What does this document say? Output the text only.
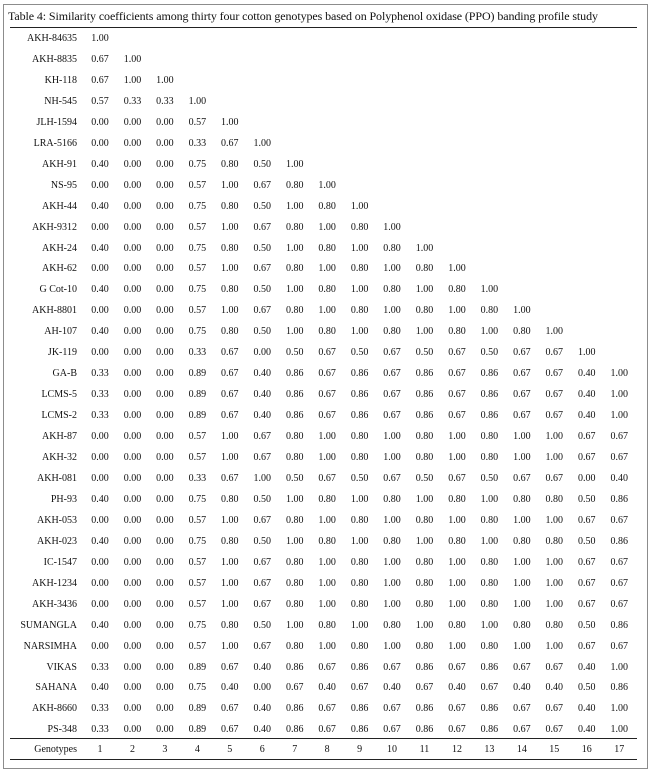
Table 4: Similarity coefficients among thirty four cotton genotypes based on Polyphenol oxidase (PPO) banding profile study
AKH-84635	1.00
AKH-8835	0.67	1.00
KH-118	0.67	1.00	1.00
NH-545	0.57	0.33	0.33	1.00
JLH-1594	0.00	0.00	0.00	0.57	1.00
LRA-5166	0.00	0.00	0.00	0.33	0.67	1.00
AKH-91	0.40	0.00	0.00	0.75	0.80	0.50	1.00
NS-95	0.00	0.00	0.00	0.57	1.00	0.67	0.80	1.00
AKH-44	0.40	0.00	0.00	0.75	0.80	0.50	1.00	0.80	1.00
AKH-9312	0.00	0.00	0.00	0.57	1.00	0.67	0.80	1.00	0.80	1.00
AKH-24	0.40	0.00	0.00	0.75	0.80	0.50	1.00	0.80	1.00	0.80	1.00
AKH-62	0.00	0.00	0.00	0.57	1.00	0.67	0.80	1.00	0.80	1.00	0.80	1.00
G Cot-10	0.40	0.00	0.00	0.75	0.80	0.50	1.00	0.80	1.00	0.80	1.00	0.80	1.00
AKH-8801	0.00	0.00	0.00	0.57	1.00	0.67	0.80	1.00	0.80	1.00	0.80	1.00	0.80	1.00
AH-107	0.40	0.00	0.00	0.75	0.80	0.50	1.00	0.80	1.00	0.80	1.00	0.80	1.00	0.80	1.00
JK-119	0.00	0.00	0.00	0.33	0.67	0.00	0.50	0.67	0.50	0.67	0.50	0.67	0.50	0.67	0.67	1.00
GA-B	0.33	0.00	0.00	0.89	0.67	0.40	0.86	0.67	0.86	0.67	0.86	0.67	0.86	0.67	0.67	0.40	1.00
LCMS-5	0.33	0.00	0.00	0.89	0.67	0.40	0.86	0.67	0.86	0.67	0.86	0.67	0.86	0.67	0.67	0.40	1.00
LCMS-2	0.33	0.00	0.00	0.89	0.67	0.40	0.86	0.67	0.86	0.67	0.86	0.67	0.86	0.67	0.67	0.40	1.00
AKH-87	0.00	0.00	0.00	0.57	1.00	0.67	0.80	1.00	0.80	1.00	0.80	1.00	0.80	1.00	1.00	0.67	0.67
AKH-32	0.00	0.00	0.00	0.57	1.00	0.67	0.80	1.00	0.80	1.00	0.80	1.00	0.80	1.00	1.00	0.67	0.67
AKH-081	0.00	0.00	0.00	0.33	0.67	1.00	0.50	0.67	0.50	0.67	0.50	0.67	0.50	0.67	0.67	0.00	0.40
PH-93	0.40	0.00	0.00	0.75	0.80	0.50	1.00	0.80	1.00	0.80	1.00	0.80	1.00	0.80	0.80	0.50	0.86
AKH-053	0.00	0.00	0.00	0.57	1.00	0.67	0.80	1.00	0.80	1.00	0.80	1.00	0.80	1.00	1.00	0.67	0.67
AKH-023	0.40	0.00	0.00	0.75	0.80	0.50	1.00	0.80	1.00	0.80	1.00	0.80	1.00	0.80	0.80	0.50	0.86
IC-1547	0.00	0.00	0.00	0.57	1.00	0.67	0.80	1.00	0.80	1.00	0.80	1.00	0.80	1.00	1.00	0.67	0.67
AKH-1234	0.00	0.00	0.00	0.57	1.00	0.67	0.80	1.00	0.80	1.00	0.80	1.00	0.80	1.00	1.00	0.67	0.67
AKH-3436	0.00	0.00	0.00	0.57	1.00	0.67	0.80	1.00	0.80	1.00	0.80	1.00	0.80	1.00	1.00	0.67	0.67
SUMANGLA	0.40	0.00	0.00	0.75	0.80	0.50	1.00	0.80	1.00	0.80	1.00	0.80	1.00	0.80	0.80	0.50	0.86
NARSIMHA	0.00	0.00	0.00	0.57	1.00	0.67	0.80	1.00	0.80	1.00	0.80	1.00	0.80	1.00	1.00	0.67	0.67
VIKAS	0.33	0.00	0.00	0.89	0.67	0.40	0.86	0.67	0.86	0.67	0.86	0.67	0.86	0.67	0.67	0.40	1.00
SAHANA	0.40	0.00	0.00	0.75	0.40	0.00	0.67	0.40	0.67	0.40	0.67	0.40	0.67	0.40	0.40	0.50	0.86
AKH-8660	0.33	0.00	0.00	0.89	0.67	0.40	0.86	0.67	0.86	0.67	0.86	0.67	0.86	0.67	0.67	0.40	1.00
PS-348	0.33	0.00	0.00	0.89	0.67	0.40	0.86	0.67	0.86	0.67	0.86	0.67	0.86	0.67	0.67	0.40	1.00
Genotypes	1	2	3	4	5	6	7	8	9	10	11	12	13	14	15	16	17
